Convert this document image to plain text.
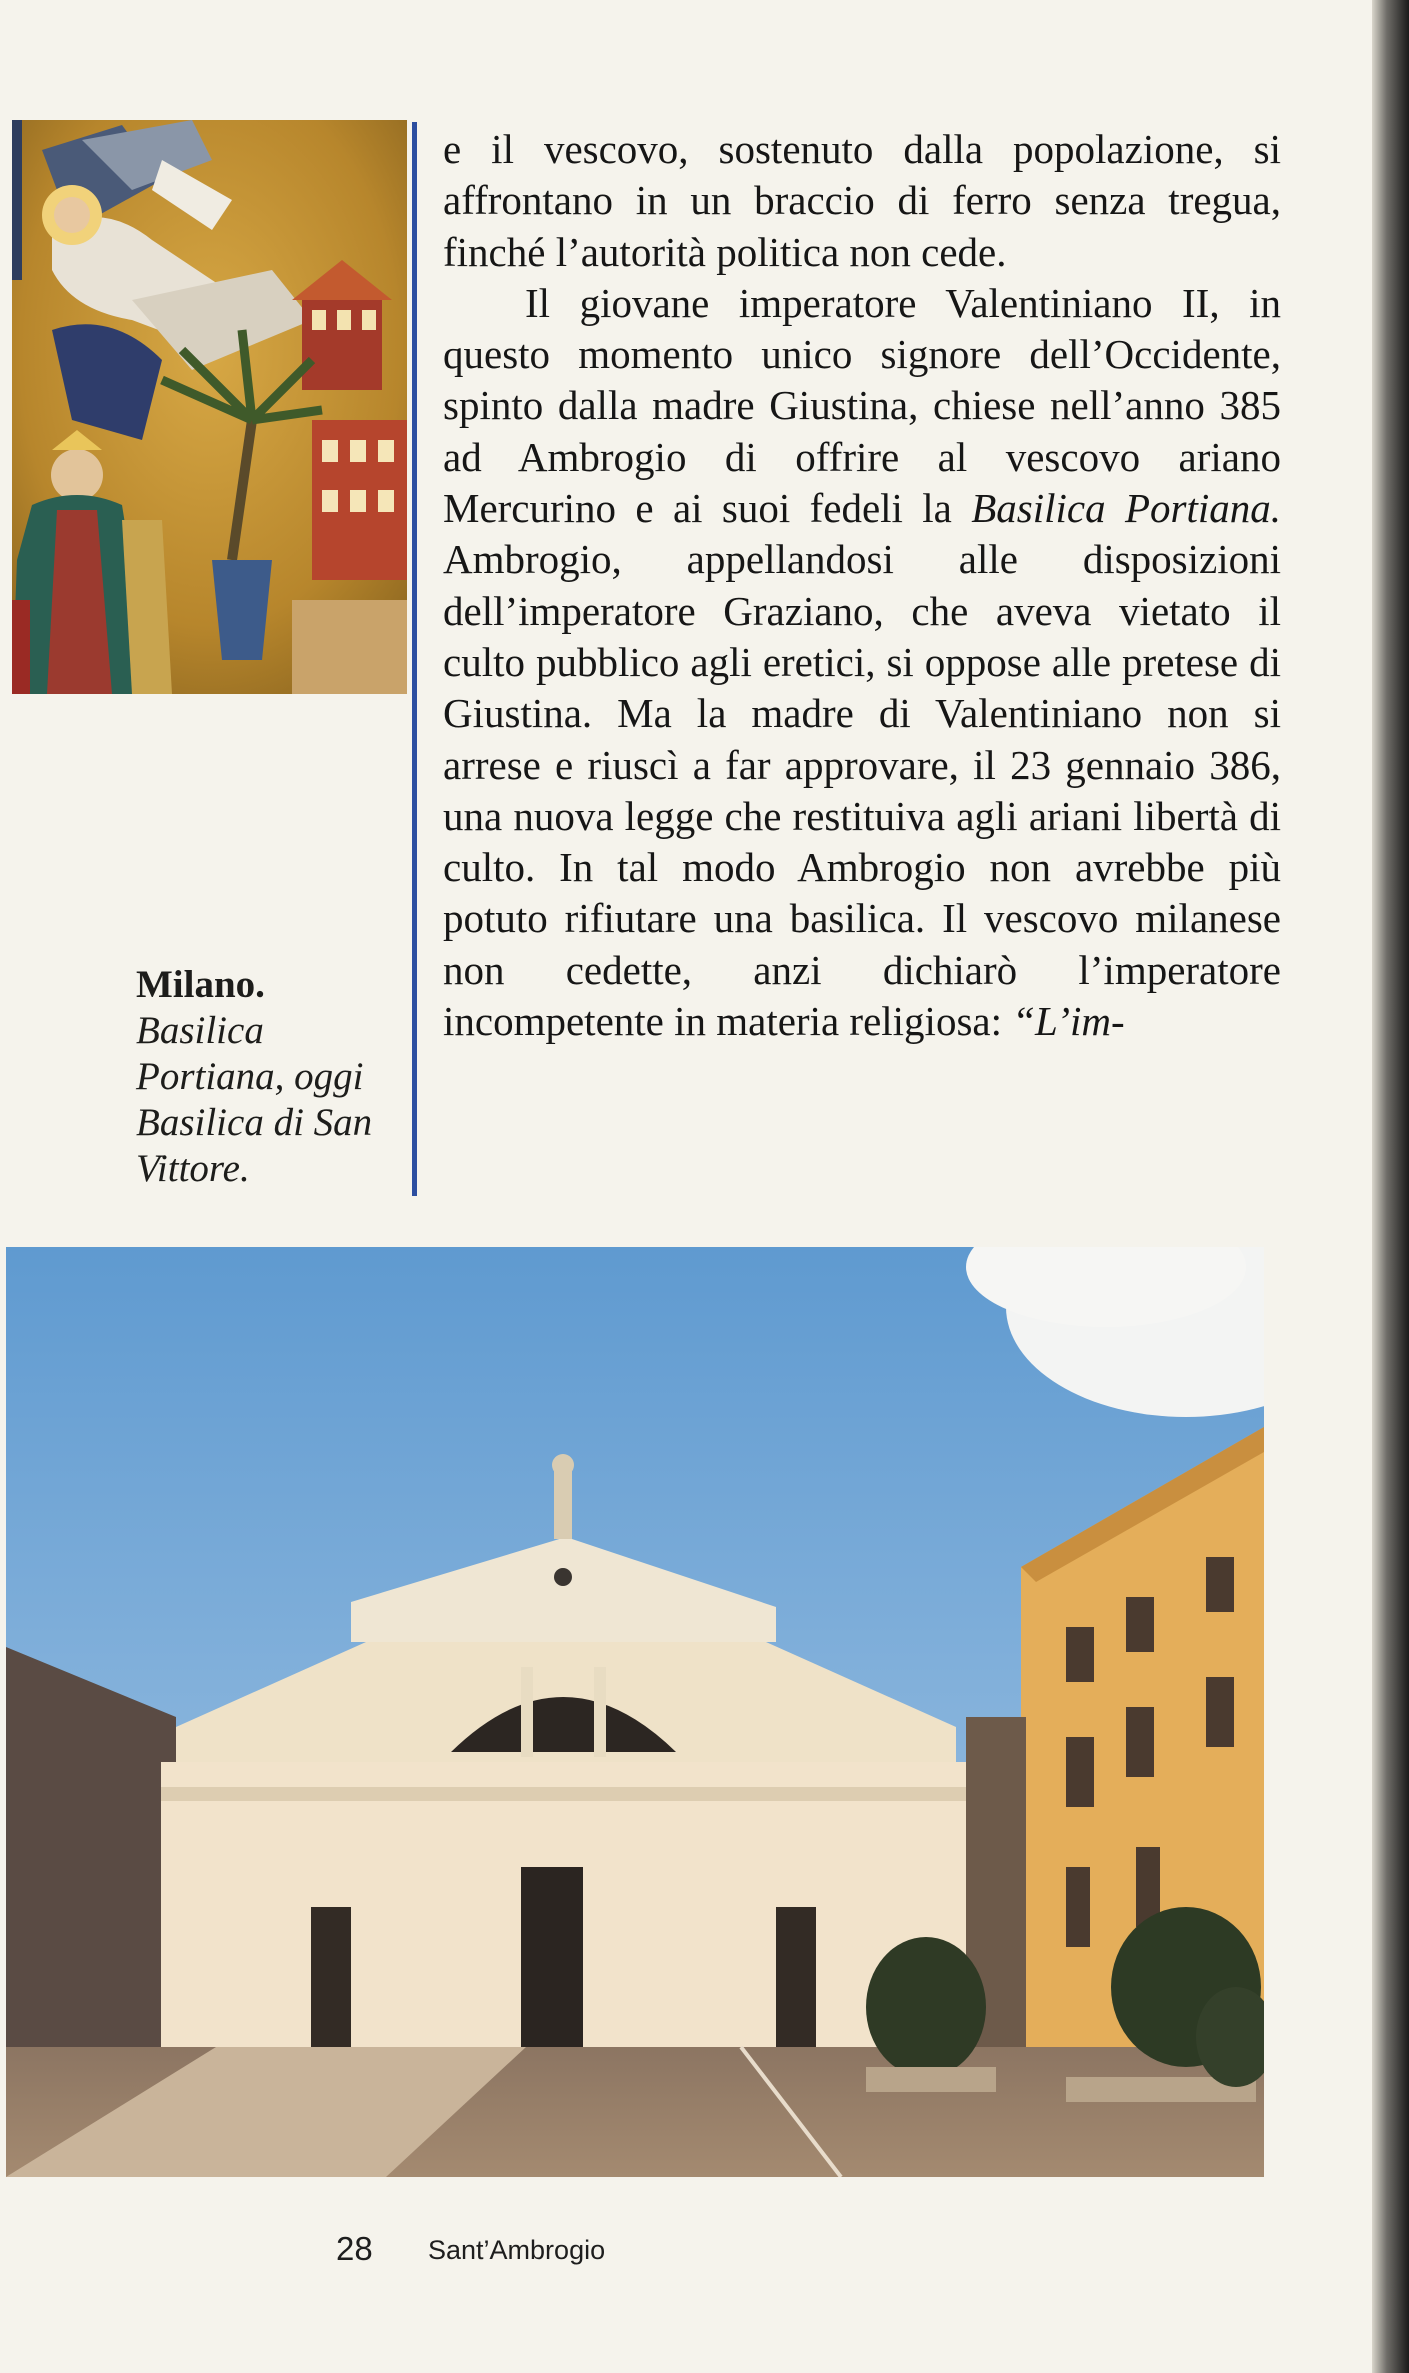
Milano.
Basilica Portiana, oggi Basilica di San Vittore.

e il vescovo, sostenuto dalla popolazione, si affrontano in un braccio di ferro senza tregua, finché l’autorità politica non cede.

Il giovane imperatore Valentiniano II, in questo momento unico signore dell’Occidente, spinto dalla madre Giustina, chiese nell’anno 385 ad Ambrogio di offrire al vescovo ariano Mercurino e ai suoi fedeli la Basilica Portiana. Ambrogio, appellandosi alle disposizioni dell’imperatore Graziano, che aveva vietato il culto pubblico agli eretici, si oppose alle pretese di Giustina. Ma la madre di Valentiniano non si arrese e riuscì a far approvare, il 23 gennaio 386, una nuova legge che restituiva agli ariani libertà di culto. In tal modo Ambrogio non avrebbe più potuto rifiutare una basilica. Il vescovo milanese non cedette, anzi dichiarò l’imperatore incompetente in materia religiosa: “L’im-

28 Sant’Ambrogio
